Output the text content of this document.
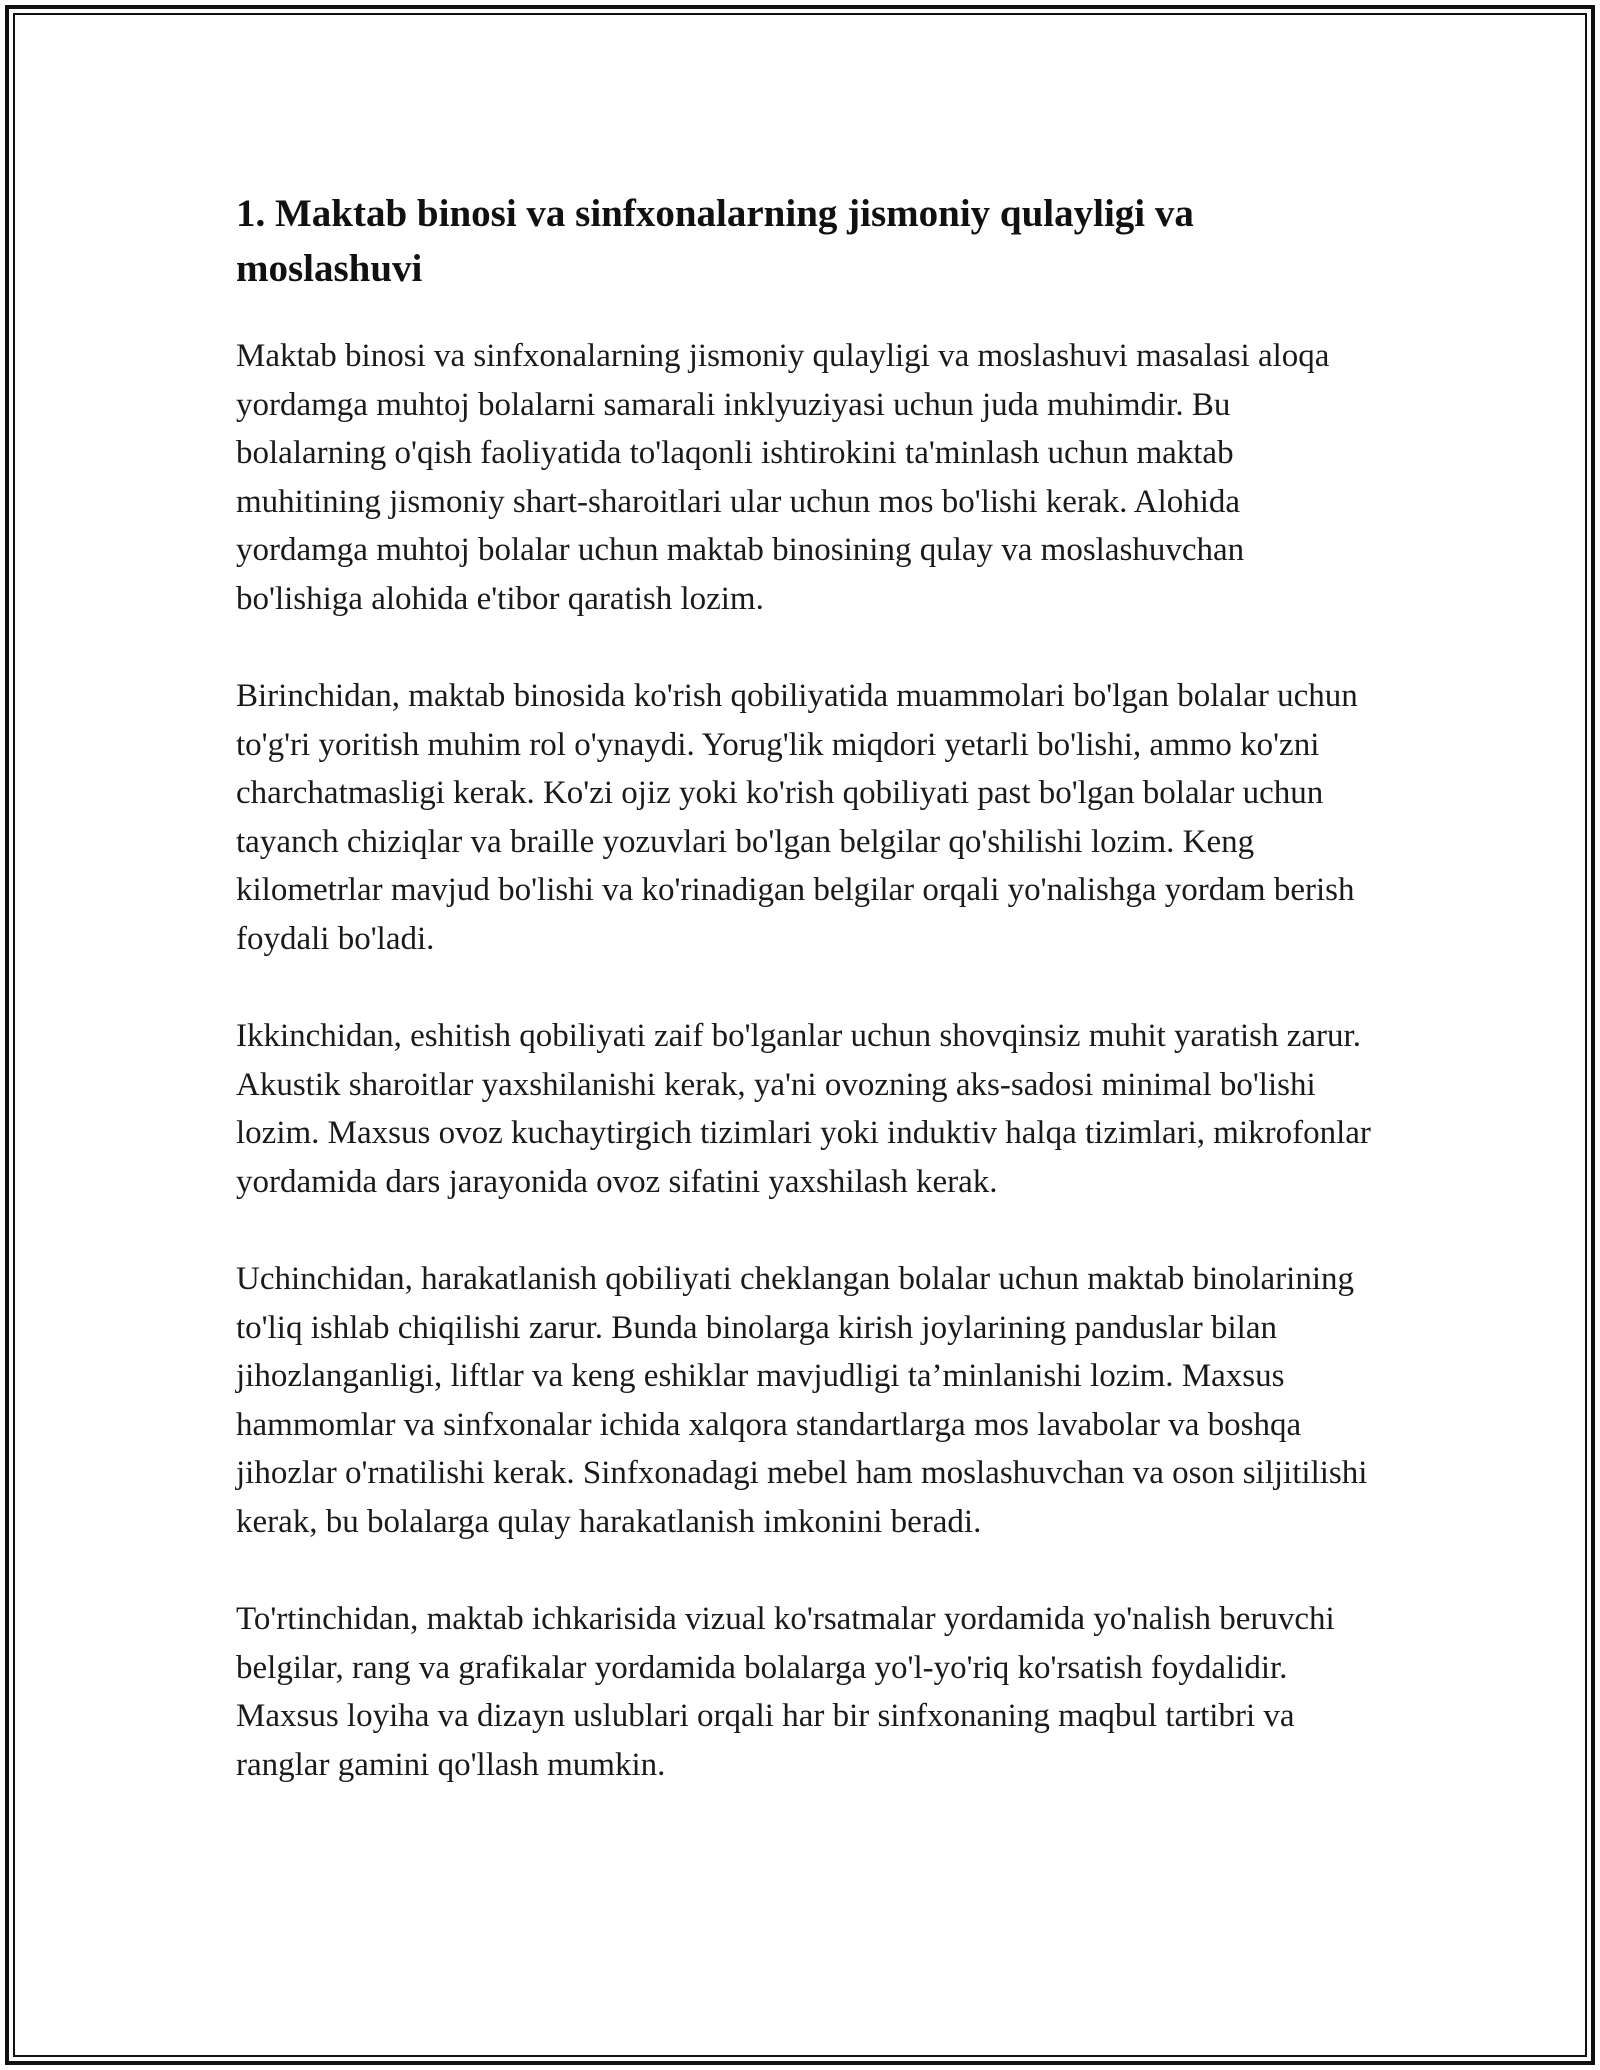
1. Maktab binosi va sinfxonalarning jismoniy qulayligi va moslashuvi

Maktab binosi va sinfxonalarning jismoniy qulayligi va moslashuvi masalasi aloqa yordamga muhtoj bolalarni samarali inklyuziyasi uchun juda muhimdir. Bu bolalarning o'qish faoliyatida to'laqonli ishtirokini ta'minlash uchun maktab muhitining jismoniy shart-sharoitlari ular uchun mos bo'lishi kerak. Alohida yordamga muhtoj bolalar uchun maktab binosining qulay va moslashuvchan bo'lishiga alohida e'tibor qaratish lozim.

Birinchidan, maktab binosida ko'rish qobiliyatida muammolari bo'lgan bolalar uchun to'g'ri yoritish muhim rol o'ynaydi. Yorug'lik miqdori yetarli bo'lishi, ammo ko'zni charchatmasligi kerak. Ko'zi ojiz yoki ko'rish qobiliyati past bo'lgan bolalar uchun tayanch chiziqlar va braille yozuvlari bo'lgan belgilar qo'shilishi lozim. Keng kilometrlar mavjud bo'lishi va ko'rinadigan belgilar orqali yo'nalishga yordam berish foydali bo'ladi.

Ikkinchidan, eshitish qobiliyati zaif bo'lganlar uchun shovqinsiz muhit yaratish zarur. Akustik sharoitlar yaxshilanishi kerak, ya'ni ovozning aks-sadosi minimal bo'lishi lozim. Maxsus ovoz kuchaytirgich tizimlari yoki induktiv halqa tizimlari, mikrofonlar yordamida dars jarayonida ovoz sifatini yaxshilash kerak.

Uchinchidan, harakatlanish qobiliyati cheklangan bolalar uchun maktab binolarining to'liq ishlab chiqilishi zarur. Bunda binolarga kirish joylarining panduslar bilan jihozlanganligi, liftlar va keng eshiklar mavjudligi ta’minlanishi lozim. Maxsus hammomlar va sinfxonalar ichida xalqora standartlarga mos lavabolar va boshqa jihozlar o'rnatilishi kerak. Sinfxonadagi mebel ham moslashuvchan va oson siljitilishi kerak, bu bolalarga qulay harakatlanish imkonini beradi.

To'rtinchidan, maktab ichkarisida vizual ko'rsatmalar yordamida yo'nalish beruvchi belgilar, rang va grafikalar yordamida bolalarga yo'l-yo'riq ko'rsatish foydalidir. Maxsus loyiha va dizayn uslublari orqali har bir sinfxonaning maqbul tartibri va ranglar gamini qo'llash mumkin.
